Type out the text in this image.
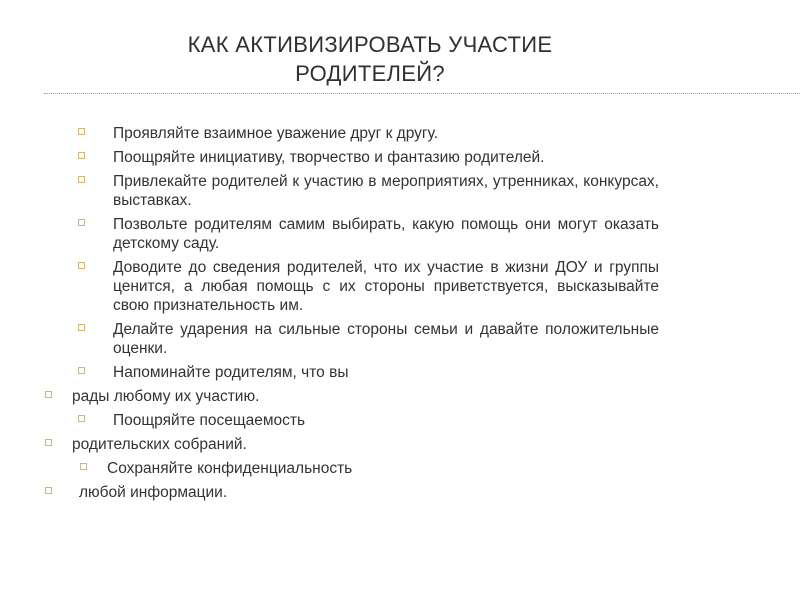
КАК АКТИВИЗИРОВАТЬ УЧАСТИЕ
РОДИТЕЛЕЙ?
Проявляйте взаимное уважение друг к другу.
Поощряйте инициативу, творчество и фантазию родителей.
Привлекайте родителей к участию в мероприятиях, утренниках, конкурсах, выставках.
Позвольте родителям самим выбирать, какую помощь они могут оказать детскому саду.
Доводите до сведения родителей, что их участие в жизни ДОУ и группы ценится, а любая помощь с их стороны приветствуется, высказывайте свою признательность им.
Делайте ударения на сильные стороны семьи и давайте положительные оценки.
Напоминайте родителям, что вы
рады любому их участию.
Поощряйте посещаемость
родительских собраний.
Сохраняйте конфиденциальность
любой информации.
